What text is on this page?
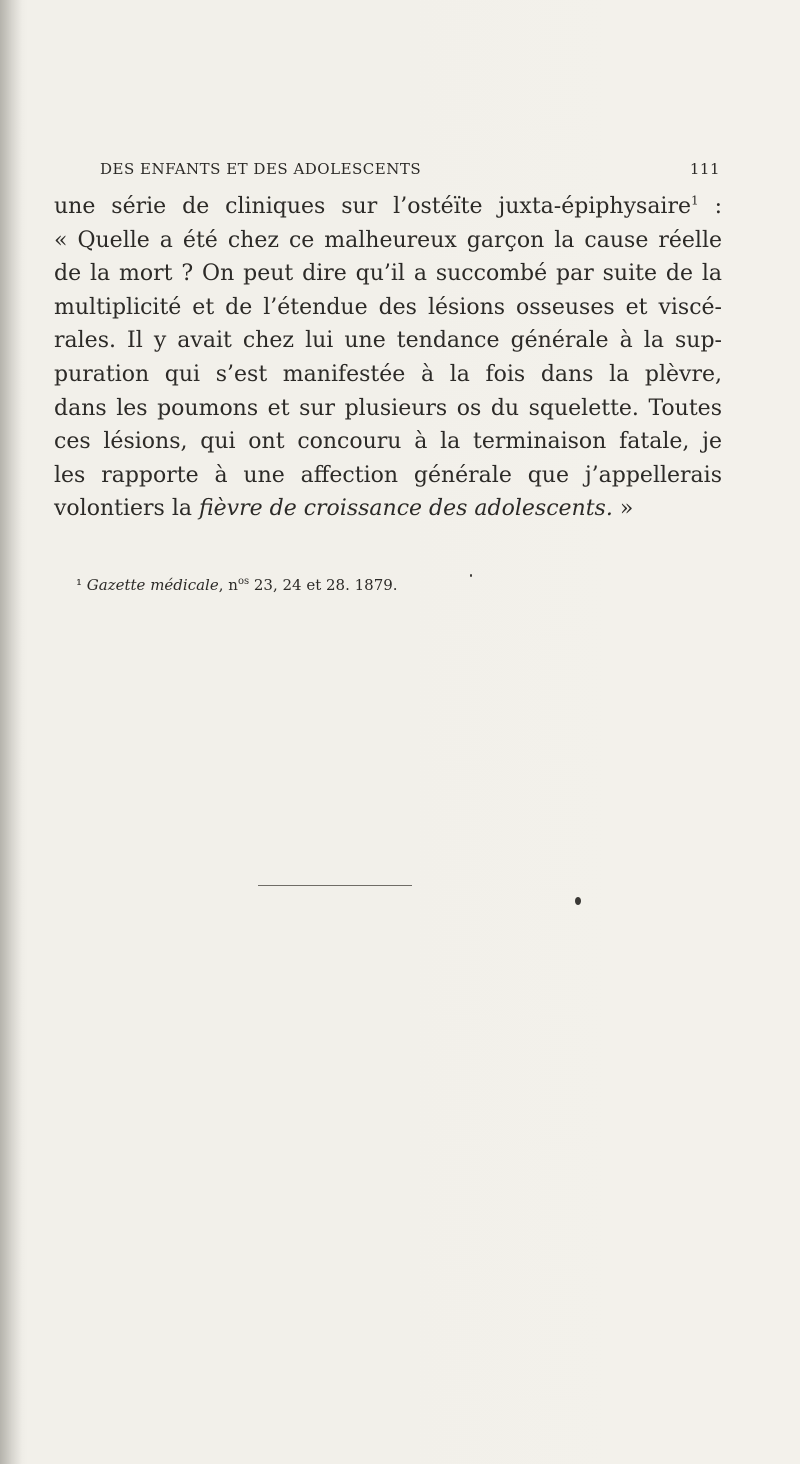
DES ENFANTS ET DES ADOLESCENTS	111
une série de cliniques sur l’ostéïte juxta-épiphysaire$^1$ :
« Quelle a été chez ce malheureux garçon la cause réelle
de la mort ? On peut dire qu’il a succombé par suite de la
multiplicité et de l’étendue des lésions osseuses et viscé-
rales. Il y avait chez lui une tendance générale à la sup-
puration qui s’est manifestée à la fois dans la plèvre,
dans les poumons et sur plusieurs os du squelette. Toutes
ces lésions, qui ont concouru à la terminaison fatale, je
les rapporte à une affection générale que j’appellerais
volontiers la fièvre de croissance des adolescents. »
¹ Gazette médicale, $n^{os}$ 23, 24 et 28. 1879.
